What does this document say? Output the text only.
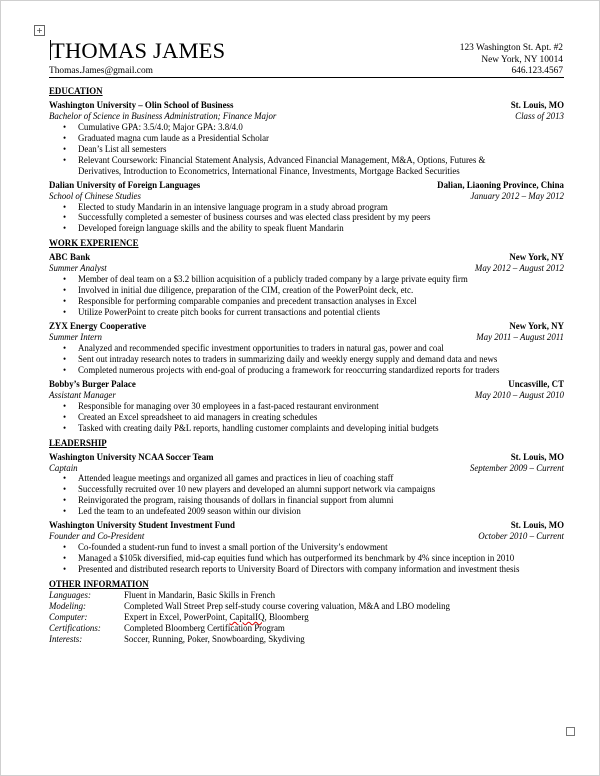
+
THOMAS JAMES	123 Washington St. Apt. #2
New York, NY 10014
Thomas.James@gmail.com	646.123.4567
EDUCATION
Washington University – Olin School of Business	St. Louis, MO
Bachelor of Science in Business Administration; Finance Major	Class of 2013
• Cumulative GPA: 3.5/4.0; Major GPA: 3.8/4.0
• Graduated magna cum laude as a Presidential Scholar
• Dean’s List all semesters
• Relevant Coursework: Financial Statement Analysis, Advanced Financial Management, M&A, Options, Futures &
Derivatives, Introduction to Econometrics, International Finance, Investments, Mortgage Backed Securities
Dalian University of Foreign Languages	Dalian, Liaoning Province, China
School of Chinese Studies	January 2012 – May 2012
• Elected to study Mandarin in an intensive language program in a study abroad program
• Successfully completed a semester of business courses and was elected class president by my peers
• Developed foreign language skills and the ability to speak fluent Mandarin
WORK EXPERIENCE
ABC Bank	New York, NY
Summer Analyst	May 2012 – August 2012
• Member of deal team on a $3.2 billion acquisition of a publicly traded company by a large private equity firm
• Involved in initial due diligence, preparation of the CIM, creation of the PowerPoint deck, etc.
• Responsible for performing comparable companies and precedent transaction analyses in Excel
• Utilize PowerPoint to create pitch books for current transactions and potential clients
ZYX Energy Cooperative	New York, NY
Summer Intern	May 2011 – August 2011
• Analyzed and recommended specific investment opportunities to traders in natural gas, power and coal
• Sent out intraday research notes to traders in summarizing daily and weekly energy supply and demand data and news
• Completed numerous projects with end-goal of producing a framework for reoccurring standardized reports for traders
Bobby’s Burger Palace	Uncasville, CT
Assistant Manager	May 2010 – August 2010
• Responsible for managing over 30 employees in a fast-paced restaurant environment
• Created an Excel spreadsheet to aid managers in creating schedules
• Tasked with creating daily P&L reports, handling customer complaints and developing initial budgets
LEADERSHIP
Washington University NCAA Soccer Team	St. Louis, MO
Captain	September 2009 – Current
• Attended league meetings and organized all games and practices in lieu of coaching staff
• Successfully recruited over 10 new players and developed an alumni support network via campaigns
• Reinvigorated the program, raising thousands of dollars in financial support from alumni
• Led the team to an undefeated 2009 season within our division
Washington University Student Investment Fund	St. Louis, MO
Founder and Co-President	October 2010 – Current
• Co-founded a student-run fund to invest a small portion of the University’s endowment
• Managed a $105k diversified, mid-cap equities fund which has outperformed its benchmark by 4% since inception in 2010
• Presented and distributed research reports to University Board of Directors with company information and investment thesis
OTHER INFORMATION
Languages:	Fluent in Mandarin, Basic Skills in French
Modeling:	Completed Wall Street Prep self-study course covering valuation, M&A and LBO modeling
Computer:	Expert in Excel, PowerPoint, CapitalIQ, Bloomberg
Certifications:	Completed Bloomberg Certification Program
Interests:	Soccer, Running, Poker, Snowboarding, Skydiving
